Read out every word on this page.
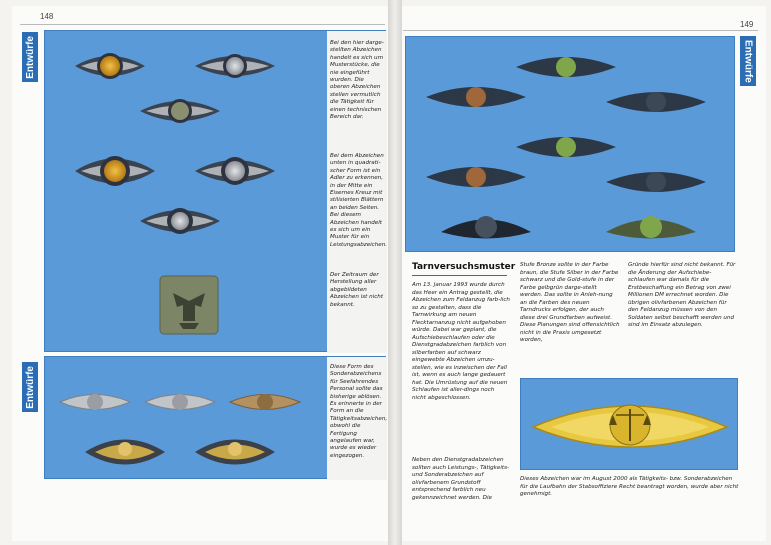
148
Entwürfe
Entwürfe
Bei den hier darge-stellten Abzeichen handelt es sich um Musterstücke, die nie eingeführt wurden. Die oberen Abzeichen stellen vermutlich die Tätigkeit für einen technischen Bereich dar.
Bei dem Abzeichen unten in quadrati-scher Form ist ein Adler zu erkennen, in der Mitte ein Eisernes Kreuz mit stilisierten Blättern an beiden Seiten. Bei diesem Abzeichen handelt es sich um ein Muster für ein Leistungsabzeichen.
Der Zeitraum der Herstellung aller abgebildeten Abzeichen ist nicht bekannt.
Diese Form des Sonderabzeichens für Seefahrendes Personal sollte das bisherige ablösen. Es erinnerte in der Form an die Tätigkeitsabzeichen, obwohl die Fertigung angelaufen war, wurde es wieder eingezogen.
149
Entwürfe
Tarnversuchsmuster
Am 13. Januar 1993 wurde durch das Heer ein Antrag gestellt, die Abzeichen zum Feldanzug farb-lich so zu gestalten, dass die Tarnwirkung am neuen Flecktarnanzug nicht aufgehoben würde. Dabei war geplant, die Aufschiebeschlaufen oder die Dienstgradabzeichen farblich von silberfarben auf schwarz eingewebte Abzeichen umzu-stellen, wie es inzwischen der Fall ist, wenn es auch lange gedauert hat. Die Umrüstung auf die neuen Schlaufen ist aller-dings noch nicht abgeschlossen.
Neben den Dienstgradabzeichen sollten auch Leistungs-, Tätigkeits- und Sonderabzeichen auf olivfarbenem Grundstoff entsprechend farblich neu gekennzeichnet werden. Die
Stufe Bronze sollte in der Farbe braun, die Stufe Silber in der Farbe schwarz und die Gold-stufe in der Farbe gelbgrün darge-stellt werden. Das sollte in Anleh-nung an die Farben des neuen Tarndrucks erfolgen, der auch diese drei Grundfarben aufweist. Diese Planungen sind offensichtlich nicht in die Praxis umgesetzt worden,
Gründe hierfür sind nicht bekannt. Für die Änderung der Aufschiebe-schlaufen war damals für die Erstbeschaffung ein Betrag von zwei Millionen DM errechnet worden. Die übrigen olivfarbenen Abzeichen für den Feldanzug müssen von den Soldaten selbst beschafft werden und sind im Einsatz abzulegen.
Dieses Abzeichen war im August 2000 als Tätigkeits- bzw. Sonderabzeichen für die Laufbahn der Stabsoffiziere Recht beantragt worden, wurde aber nicht genehmigt.
